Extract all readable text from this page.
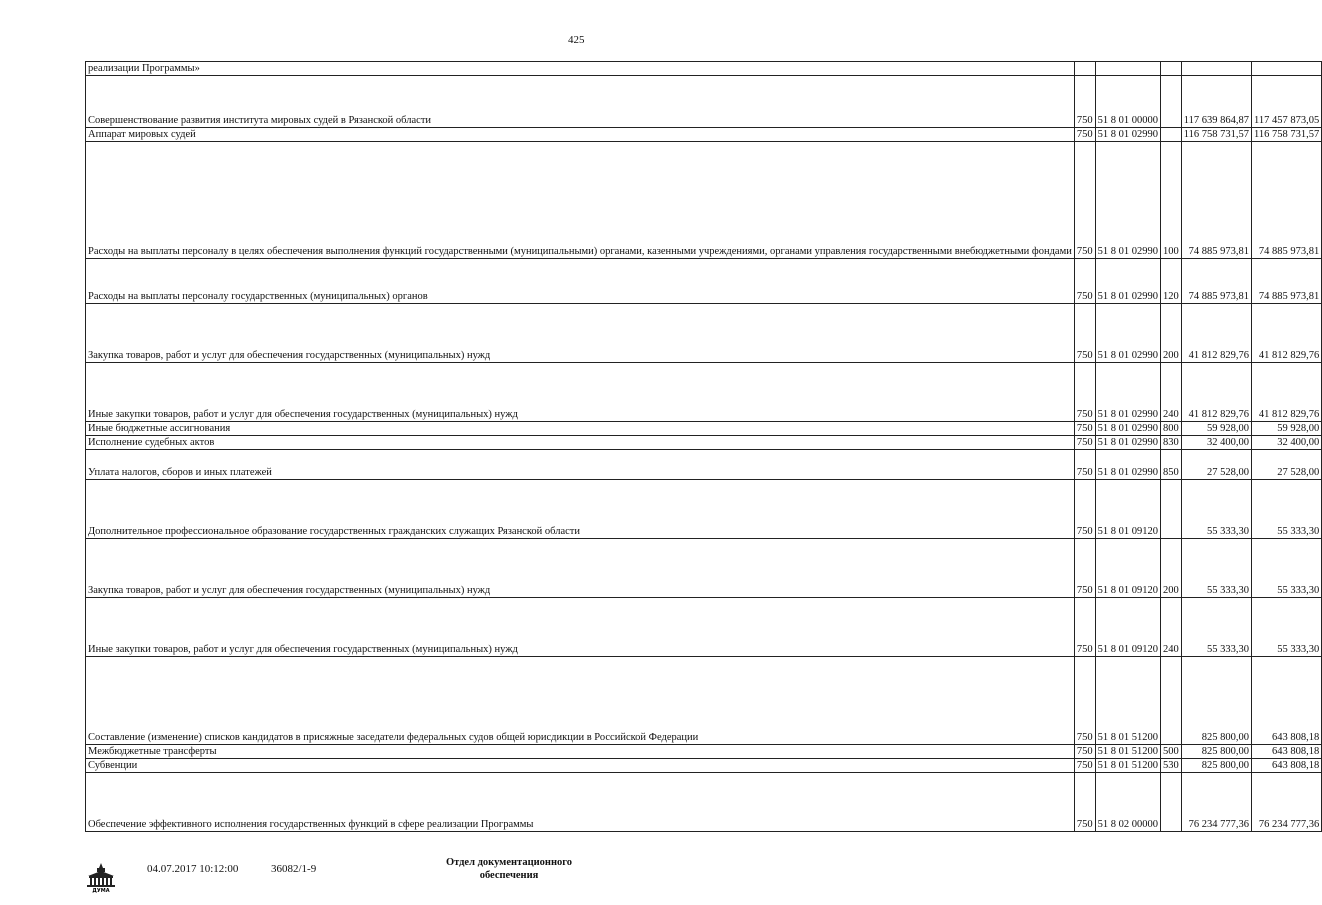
425
реализации Программы»					
Совершенствование развития института мировых судей в Рязанской области	750	51 8 01 00000		117 639 864,87	117 457 873,05
Аппарат мировых судей	750	51 8 01 02990		116 758 731,57	116 758 731,57
Расходы на выплаты персоналу в целях обеспечения выполнения функций государственными (муниципальными) органами, казенными учреждениями, органами управления государственными внебюджетными фондами	750	51 8 01 02990	100	74 885 973,81	74 885 973,81
Расходы на выплаты персоналу государственных (муниципальных) органов	750	51 8 01 02990	120	74 885 973,81	74 885 973,81
Закупка товаров, работ и услуг для обеспечения государственных (муниципальных) нужд	750	51 8 01 02990	200	41 812 829,76	41 812 829,76
Иные закупки товаров, работ и услуг для обеспечения государственных (муниципальных) нужд	750	51 8 01 02990	240	41 812 829,76	41 812 829,76
Иные бюджетные ассигнования	750	51 8 01 02990	800	59 928,00	59 928,00
Исполнение судебных актов	750	51 8 01 02990	830	32 400,00	32 400,00
Уплата налогов, сборов и иных платежей	750	51 8 01 02990	850	27 528,00	27 528,00
Дополнительное профессиональное образование государственных гражданских служащих Рязанской области	750	51 8 01 09120		55 333,30	55 333,30
Закупка товаров, работ и услуг для обеспечения государственных (муниципальных) нужд	750	51 8 01 09120	200	55 333,30	55 333,30
Иные закупки товаров, работ и услуг для обеспечения государственных (муниципальных) нужд	750	51 8 01 09120	240	55 333,30	55 333,30
Составление (изменение) списков кандидатов в присяжные заседатели федеральных судов общей юрисдикции в Российской Федерации	750	51 8 01 51200		825 800,00	643 808,18
Межбюджетные трансферты	750	51 8 01 51200	500	825 800,00	643 808,18
Субвенции	750	51 8 01 51200	530	825 800,00	643 808,18
Обеспечение эффективного исполнения государственных функций в сфере реализации Программы	750	51 8 02 00000		76 234 777,36	76 234 777,36
ДУМА
04.07.2017 10:12:00	36082/1-9
Отдел документационного
обеспечения
